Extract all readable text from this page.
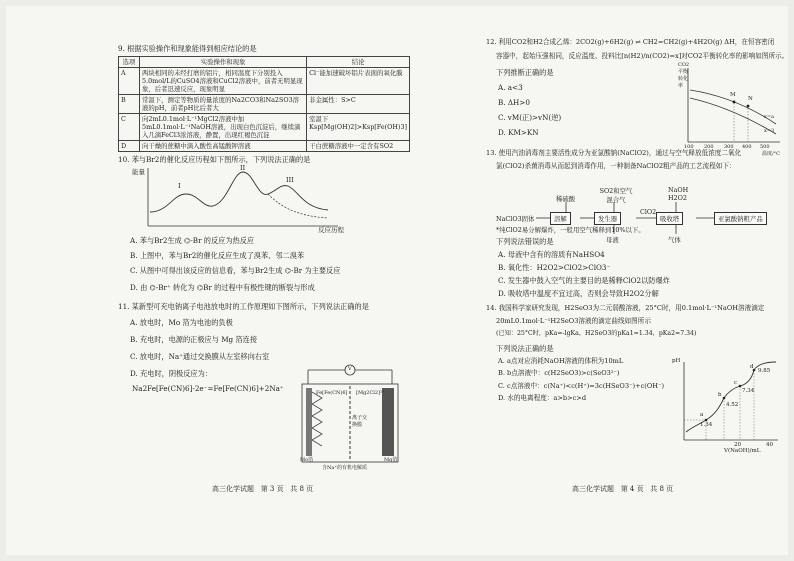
9. 根据实验操作和现象能得到相应结论的是

选项	实验操作和现象	结论
A	两块相同的未经打磨的铝片，相同温度下分别投入5.0mol/L的CuSO4溶液和CuCl2溶液中，前者无明显现象，后者迅速反应，现象明显	Cl⁻能加速破坏铝片表面的氧化膜
B	常温下，测定等物质的量浓度的Na2CO3和Na2SO3溶液的pH，前者pH比后者大	非金属性：S>C
C	向2mL0.1mol·L⁻¹MgCl2溶液中加5mL0.1mol·L⁻¹NaOH溶液，出现白色沉淀后，继续滴入几滴FeCl3浓溶液，静置，出现红褐色沉淀	室温下 Ksp[Mg(OH)2]>Ksp[Fe(OH)3]
D	向干燥的蔗糖中滴入酸性高锰酸钾溶液	干白蔗糖溶液中一定含有SO2

10. 苯与Br2的催化反应历程如下图所示，下列说法正确的是

能量
反应历程
I
II
III

A. 苯与Br2生成 ⌬-Br 的反应为热反应

B. 上图中，苯与Br2的催化反应生成了溴苯、邻二溴苯

C. 从图中可得出该反应的信息看，苯与Br2生成 ⌬-Br 为主要反应

D. 由 ⌬-Br⁺ 转化为 ⌬Br 的过程中有极性键的断裂与形成

11. 某新型可充电钠离子电池放电时的工作原理如下图所示，下列说法正确的是

A. 放电时，Mo 箔为电池的负极

B. 充电时，电源的正极应与 Mg 箔连接

C. 放电时，Na⁺通过交换膜从左室移向右室

D. 充电时，阴极反应为：

Na2Fe[Fe(CN)6]-2e⁻=Fe[Fe(CN)6]+2Na⁺

V
Fe[Fe(CN)6] [Mg2Cl2]²⁺
离子交换膜
Mo箔	Mg箔
含Na⁺的有机电解质
高三化学试题 第 3 页 共 8 页

12. 利用CO2和H2合成乙烯：2CO2(g)+6H2(g) ⇌ CH2=CH2(g)+4H2O(g) ΔH，在恒容密闭

容器中，起始压强相同，反应温度、投料比[n(H2)/n(CO2)=x]对CO2平衡转化率的影响如图所示。

下列推断正确的是

A. a<3

B. ΔH>0

C. vM(正)>vN(逆)

D. KM>KN

13. 使用汽油消毒剂主要活性成分为亚氯酸钠(NaClO2)，通过与空气释放低浓度二氧化

氯(ClO2)杀菌消毒从而起到消毒作用，一种制备NaClO2粗产品的工艺流程如下：

*纯ClO2易分解爆炸，一般用空气稀释到10%以下。

下列说法错误的是

A. 母液中含有的溶质有NaHSO4

B. 氧化性：H2O2>ClO2>ClO3⁻

C. 发生器中鼓入空气的主要目的是稀释ClO2以防爆炸

D. 吸收塔中温度不宜过高，否则会导致H2O2分解

14. 我国科学家研究发现，H2SeO3为二元弱酸溶液，25°C时，用0.1mol·L⁻¹NaOH溶液滴定

20mL0.1mol·L⁻¹H2SeO3溶液的滴定曲线如图所示

(已知：25°C时，pKa=-lgKa，H2SeO3的pKa1=1.34，pKa2=7.34)

下列说法正确的是

A. a点对应消耗NaOH溶液的体积为10mL

B. b点溶液中：c(H2SeO3)>c(SeO3²⁻)

C. c点溶液中：c(Na⁺)<c(H⁺)=3c(HSeO3⁻)+c(OH⁻)

D. 水的电离程度：a>b>c>d

CO2平衡转化率
M
N
x=a
x=3
100 200 300 400 500
温度/°C
NaClO3固体	溶解	发生器
ClO2
吸收塔	亚氯酸钠粗产品
稀硫酸
SO2和空气混合气
NaOH
H2O2
母液	气体
pH
a
b
c
d
9.85
7.34
4.52
1.34
20	40
V(NaOH)/mL
高三化学试题 第 4 页 共 8 页
